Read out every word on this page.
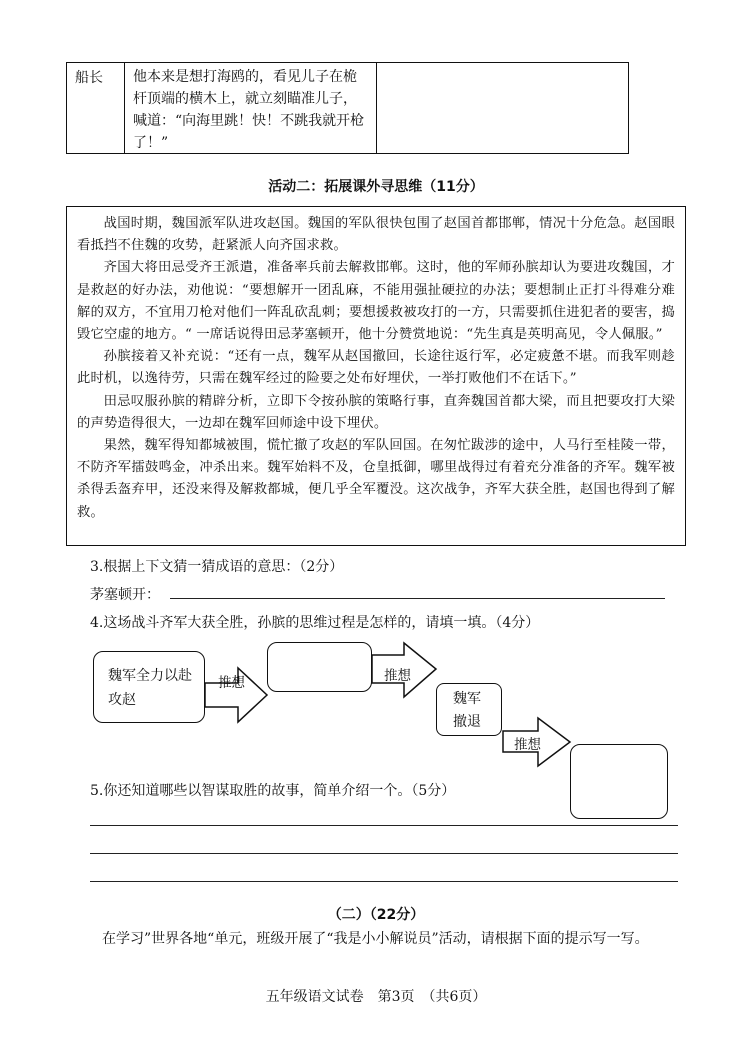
船长 他本来是想打海鸥的，看见儿子在桅杆顶端的横木上，就立刻瞄准儿子，喊道：“向海里跳！快！不跳我就开枪了！”
活动二：拓展课外寻思维（11分）

战国时期，魏国派军队进攻赵国。魏国的军队很快包围了赵国首都邯郸，情况十分危急。赵国眼看抵挡不住魏的攻势，赶紧派人向齐国求救。

齐国大将田忌受齐王派遣，准备率兵前去解救邯郸。这时，他的军师孙膑却认为要进攻魏国，才是救赵的好办法，劝他说：“要想解开一团乱麻，不能用强扯硬拉的办法；要想制止正打斗得难分难解的双方，不宜用刀枪对他们一阵乱砍乱刺；要想援救被攻打的一方，只需要抓住进犯者的要害，捣毁它空虚的地方。“ 一席话说得田忌茅塞顿开，他十分赞赏地说：“先生真是英明高见，令人佩服。”

孙膑接着又补充说：“还有一点，魏军从赵国撤回，长途往返行军，必定疲惫不堪。而我军则趁此时机，以逸待劳，只需在魏军经过的险要之处布好埋伏，一举打败他们不在话下。”

田忌叹服孙膑的精辟分析，立即下令按孙膑的策略行事，直奔魏国首都大梁，而且把要攻打大梁的声势造得很大，一边却在魏军回师途中设下埋伏。

果然，魏军得知都城被围，慌忙撤了攻赵的军队回国。在匆忙跋涉的途中，人马行至桂陵一带，不防齐军擂鼓鸣金，冲杀出来。魏军始料不及，仓皇抵御，哪里战得过有着充分准备的齐军。魏军被杀得丢盔弃甲，还没来得及解救都城，便几乎全军覆没。这次战争，齐军大获全胜，赵国也得到了解救。

3.根据上下文猜一猜成语的意思：（2分）
茅塞顿开：
4.这场战斗齐军大获全胜，孙膑的思维过程是怎样的，请填一填。（4分）
魏军全力以赴攻赵	魏军撤退
推想	推想
推想
5.你还知道哪些以智谋取胜的故事，简单介绍一个。（5分）
（二）（22分）
在学习”世界各地“单元，班级开展了“我是小小解说员”活动，请根据下面的提示写一写。
五年级语文试卷　第3页　（共6页）
